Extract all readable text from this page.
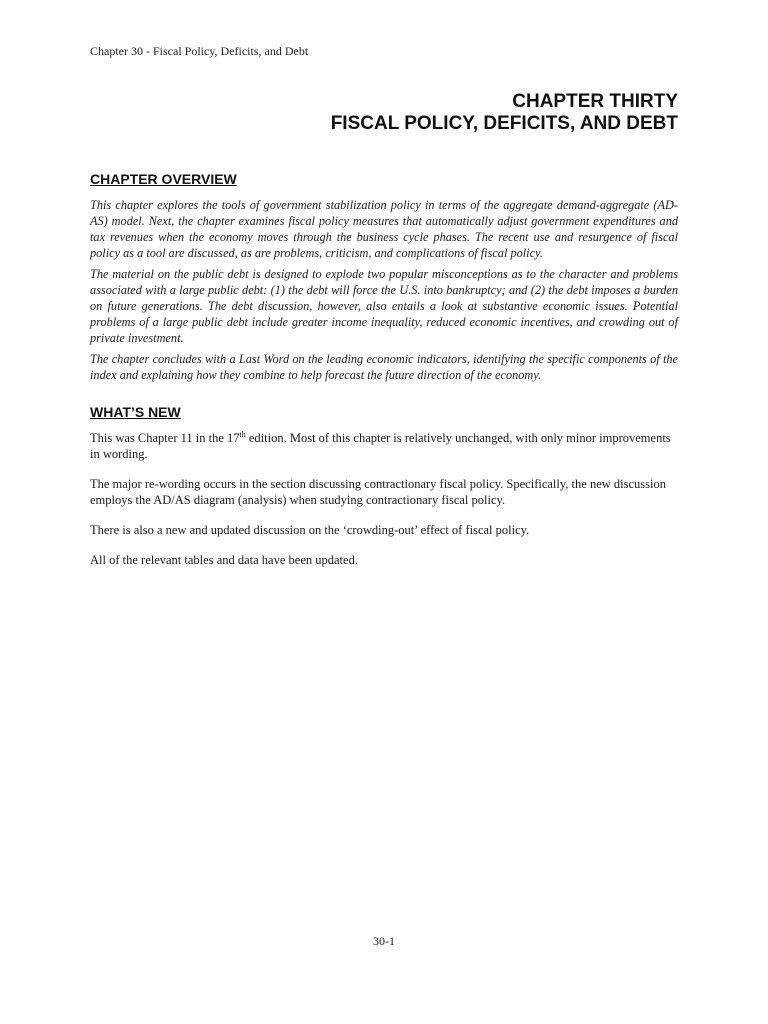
Chapter 30 - Fiscal Policy, Deficits, and Debt
CHAPTER THIRTY
FISCAL POLICY, DEFICITS, AND DEBT
CHAPTER OVERVIEW

This chapter explores the tools of government stabilization policy in terms of the aggregate demand-aggregate (AD-AS) model. Next, the chapter examines fiscal policy measures that automatically adjust government expenditures and tax revenues when the economy moves through the business cycle phases. The recent use and resurgence of fiscal policy as a tool are discussed, as are problems, criticism, and complications of fiscal policy.

The material on the public debt is designed to explode two popular misconceptions as to the character and problems associated with a large public debt: (1) the debt will force the U.S. into bankruptcy; and (2) the debt imposes a burden on future generations. The debt discussion, however, also entails a look at substantive economic issues. Potential problems of a large public debt include greater income inequality, reduced economic incentives, and crowding out of private investment.

The chapter concludes with a Last Word on the leading economic indicators, identifying the specific components of the index and explaining how they combine to help forecast the future direction of the economy.

WHAT’S NEW

This was Chapter 11 in the 17th edition. Most of this chapter is relatively unchanged, with only minor improvements in wording.

The major re-wording occurs in the section discussing contractionary fiscal policy. Specifically, the new discussion employs the AD/AS diagram (analysis) when studying contractionary fiscal policy.

There is also a new and updated discussion on the ‘crowding-out’ effect of fiscal policy.

All of the relevant tables and data have been updated.

30-1
